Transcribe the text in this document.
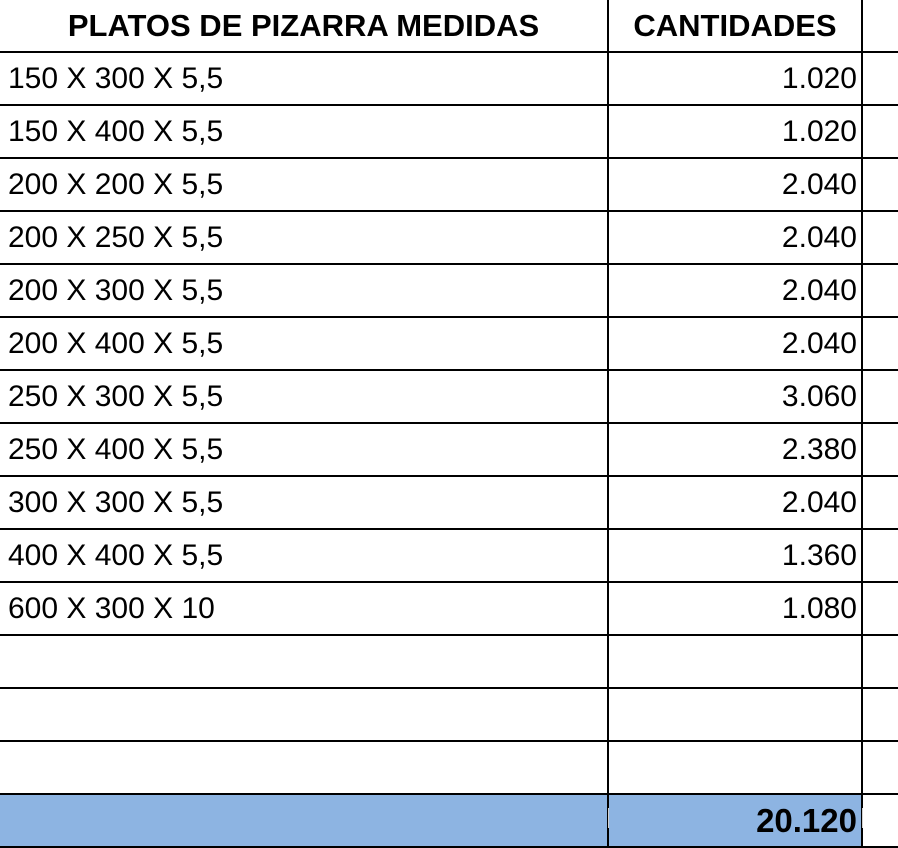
PLATOS DE PIZARRA MEDIDAS	CANTIDADES	
150 X 300 X 5,5	1.020	
150 X 400 X 5,5	1.020	
200 X 200 X 5,5	2.040	
200 X 250 X 5,5	2.040	
200 X 300 X 5,5	2.040	
200 X 400 X 5,5	2.040	
250 X 300 X 5,5	3.060	
250 X 400 X 5,5	2.380	
300 X 300 X 5,5	2.040	
400 X 400 X 5,5	1.360	
600 X 300 X 10	1.080	

	20.120	
